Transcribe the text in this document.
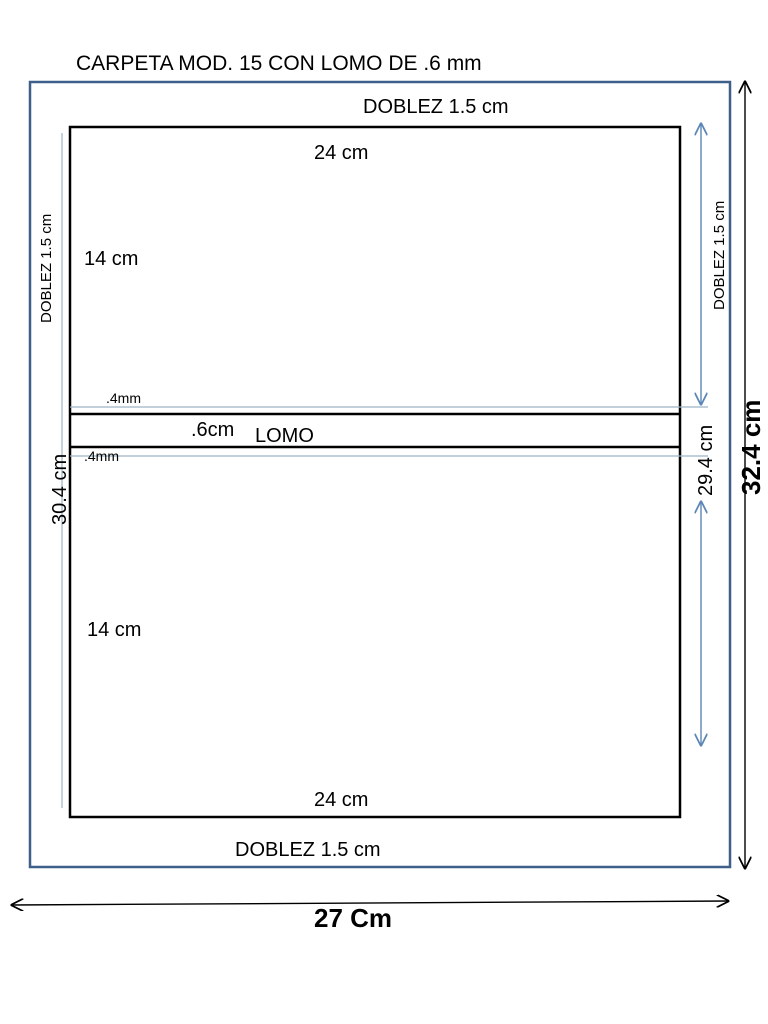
CARPETA MOD. 15 CON LOMO DE .6 mm
DOBLEZ 1.5 cm
24 cm
14 cm
.4mm
.6cm LOMO
.4mm
14 cm
24 cm
DOBLEZ 1.5 cm
27 Cm
DOBLEZ 1.5 cm	DOBLEZ 1.5 cm
30.4 cm	29.4 cm 32.4 cm
